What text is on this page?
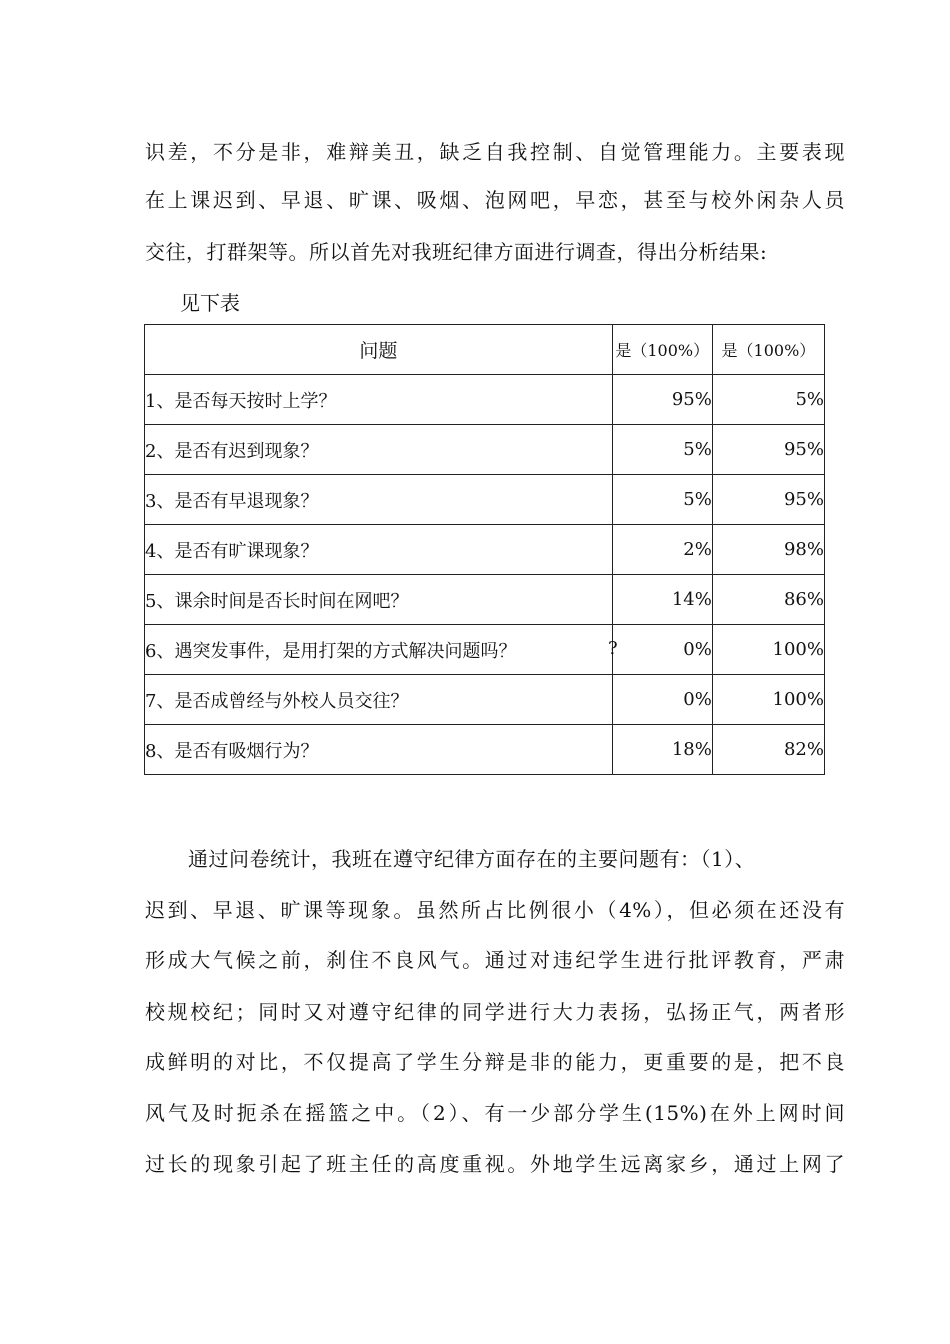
识差，不分是非，难辩美丑，缺乏自我控制、自觉管理能力。主要表现
在上课迟到、早退、旷课、吸烟、泡网吧，早恋，甚至与校外闲杂人员
交往，打群架等。所以首先对我班纪律方面进行调查，得出分析结果:
见下表
问题	是（100%）	是（100%）
1、是否每天按时上学？	95%	5%
2、是否有迟到现象？	5%	95%
3、是否有早退现象？	5%	95%
4、是否有旷课现象？	2%	98%
5、课余时间是否长时间在网吧？	14%	86%
6、遇突发事件，是用打架的方式解决问题吗？ ?	0%	100%
7、是否成曾经与外校人员交往？	0%	100%
8、是否有吸烟行为？	18%	82%
通过问卷统计，我班在遵守纪律方面存在的主要问题有：（1）、
迟到、早退、旷课等现象。虽然所占比例很小（4%），但必须在还没有
形成大气候之前，刹住不良风气。通过对违纪学生进行批评教育，严肃
校规校纪；同时又对遵守纪律的同学进行大力表扬，弘扬正气，两者形
成鲜明的对比，不仅提高了学生分辩是非的能力，更重要的是，把不良
风气及时扼杀在摇篮之中。（2）、有一少部分学生(15%)在外上网时间
过长的现象引起了班主任的高度重视。外地学生远离家乡，通过上网了
